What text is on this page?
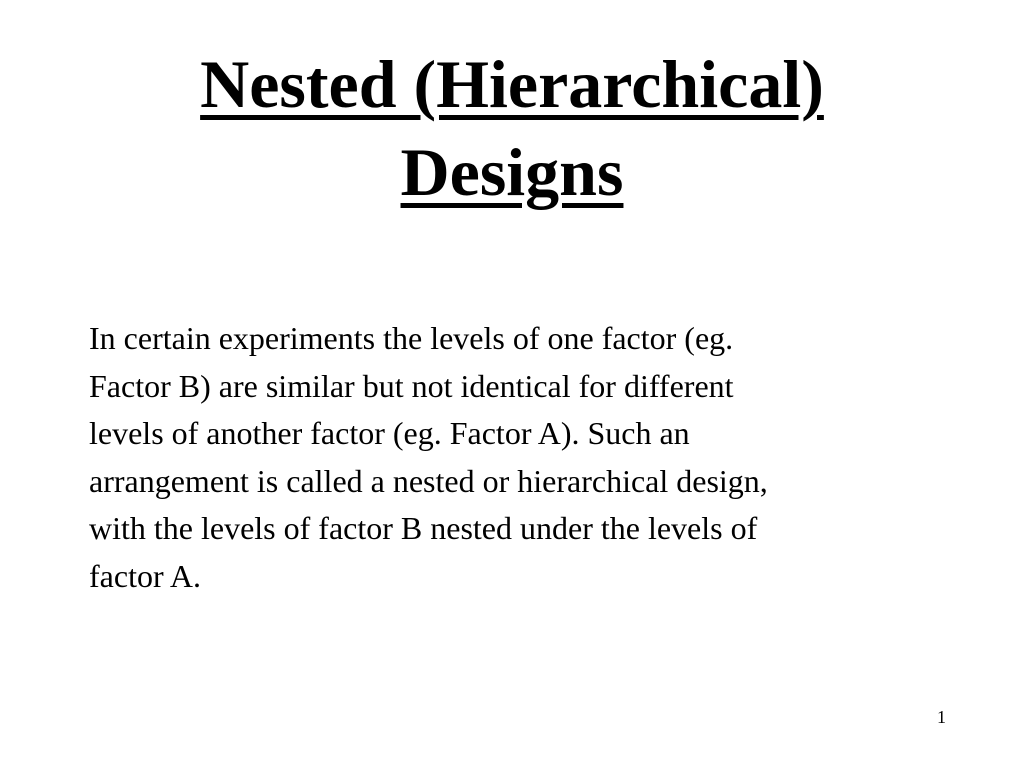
Nested (Hierarchical)
Designs

In certain experiments the levels of one factor (eg.
Factor B) are similar but not identical for different
levels of another factor (eg. Factor A). Such an
arrangement is called a nested or hierarchical design,
with the levels of factor B nested under the levels of
factor A.

1
